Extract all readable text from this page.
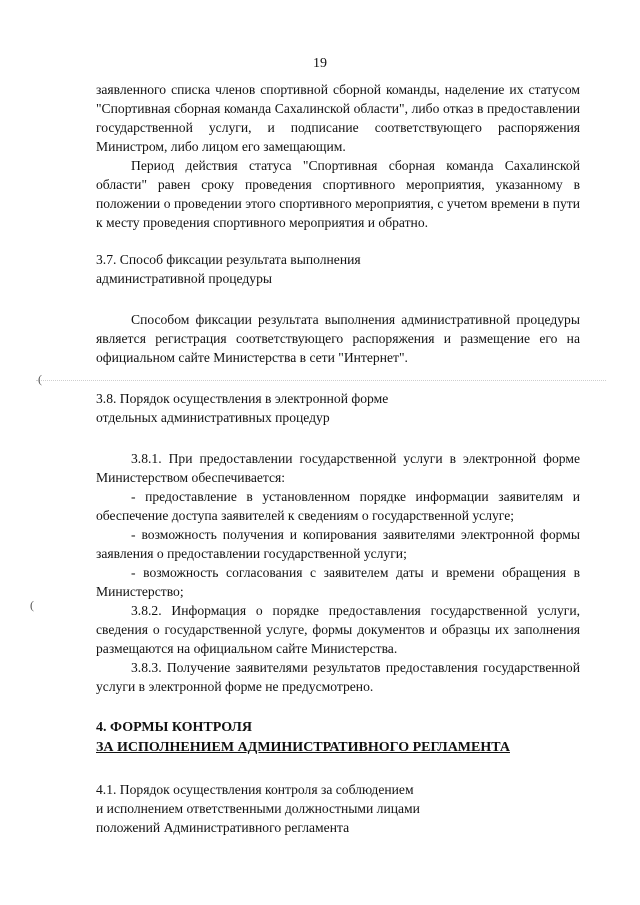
19
(
(

заявленного списка членов спортивной сборной команды, наделение их статусом "Спортивная сборная команда Сахалинской области", либо отказ в предоставлении государственной услуги, и подписание соответствующего распоряжения Министром, либо лицом его замещающим.

Период действия статуса "Спортивная сборная команда Сахалинской области" равен сроку проведения спортивного мероприятия, указанному в положении о проведении этого спортивного мероприятия, с учетом времени в пути к месту проведения спортивного мероприятия и обратно.

3.7. Способ фиксации результата выполнения

административной процедуры

Способом фиксации результата выполнения административной процедуры является регистрация соответствующего распоряжения и размещение его на официальном сайте Министерства в сети "Интернет".

3.8. Порядок осуществления в электронной форме

отдельных административных процедур

3.8.1. При предоставлении государственной услуги в электронной форме Министерством обеспечивается:

- предоставление в установленном порядке информации заявителям и обеспечение доступа заявителей к сведениям о государственной услуге;

- возможность получения и копирования заявителями электронной формы заявления о предоставлении государственной услуги;

- возможность согласования с заявителем даты и времени обращения в Министерство;

3.8.2. Информация о порядке предоставления государственной услуги, сведения о государственной услуге, формы документов и образцы их заполнения размещаются на официальном сайте Министерства.

3.8.3. Получение заявителями результатов предоставления государственной услуги в электронной форме не предусмотрено.

4. ФОРМЫ КОНТРОЛЯ

ЗА ИСПОЛНЕНИЕМ АДМИНИСТРАТИВНОГО РЕГЛАМЕНТА

4.1. Порядок осуществления контроля за соблюдением

и исполнением ответственными должностными лицами

положений Административного регламента
